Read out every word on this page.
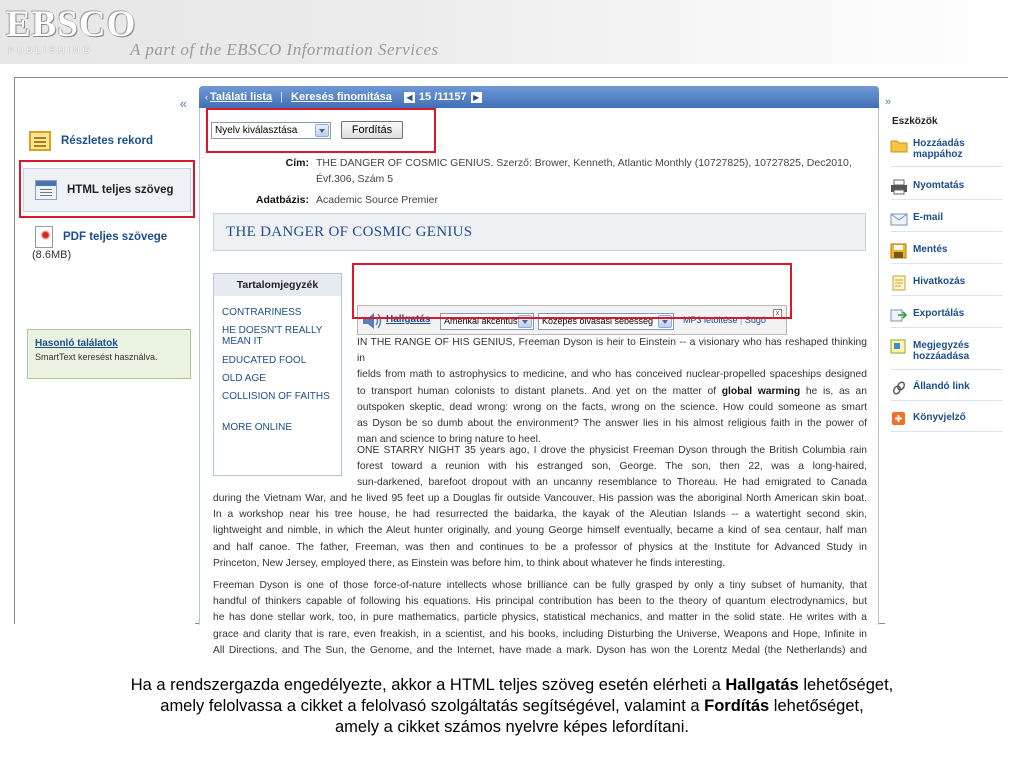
EBSCO
PUBLISHING A part of the EBSCO Information Services
«
Részletes rekord
HTML teljes szöveg
PDF teljes szövege
(8.6MB)
Hasonló találatok
SmartText keresést használva.
‹ Találati lista | Keresés finomítása	◀ 15 /11157 ▶
Nyelv kiválasztása	Fordítás
Cím: THE DANGER OF COSMIC GENIUS. Szerző: Brower, Kenneth, Atlantic Monthly (10727825), 10727825, Dec2010,
Évf.306, Szám 5
Adatbázis: Academic Source Premier
THE DANGER OF COSMIC GENIUS
Tartalomjegyzék
CONTRARINESS
HE DOESN'T REALLY MEAN IT
EDUCATED FOOL
OLD AGE
COLLISION OF FAITHS
MORE ONLINE
Hallgatás	Amerikai akcentus	Közepes olvasási sebesség	MP3 letöltése | Súgó
x
IN THE RANGE OF HIS GENIUS, Freeman Dyson is heir to Einstein -- a visionary who has reshaped thinking in
fields from math to astrophysics to medicine, and who has conceived nuclear-propelled spaceships designed
to transport human colonists to distant planets. And yet on the matter of global warming he is, as an
outspoken skeptic, dead wrong: wrong on the facts, wrong on the science. How could someone as smart
as Dyson be so dumb about the environment? The answer lies in his almost religious faith in the power of
man and science to bring nature to heel.
ONE STARRY NIGHT 35 years ago, I drove the physicist Freeman Dyson through the British Columbia rain
forest toward a reunion with his estranged son, George. The son, then 22, was a long-haired,
sun-darkened, barefoot dropout with an uncanny resemblance to Thoreau. He had emigrated to Canada
during the Vietnam War, and he lived 95 feet up a Douglas fir outside Vancouver. His passion was the aboriginal North American skin boat.
In a workshop near his tree house, he had resurrected the baidarka, the kayak of the Aleutian Islands -- a watertight second skin,
lightweight and nimble, in which the Aleut hunter originally, and young George himself eventually, became a kind of sea centaur, half man
and half canoe. The father, Freeman, was then and continues to be a professor of physics at the Institute for Advanced Study in
Princeton, New Jersey, employed there, as Einstein was before him, to think about whatever he finds interesting.
Freeman Dyson is one of those force-of-nature intellects whose brilliance can be fully grasped by only a tiny subset of humanity, that
handful of thinkers capable of following his equations. His principal contribution has been to the theory of quantum electrodynamics, but
he has done stellar work, too, in pure mathematics, particle physics, statistical mechanics, and matter in the solid state. He writes with a
grace and clarity that is rare, even freakish, in a scientist, and his books, including Disturbing the Universe, Weapons and Hope, Infinite in
All Directions, and The Sun, the Genome, and the Internet, have made a mark. Dyson has won the Lorentz Medal (the Netherlands) and
»
Eszközök
Hozzáadás
mappához
Nyomtatás
E-mail
Mentés
Hivatkozás
Exportálás
Megjegyzés
hozzáadása
Állandó link
Könyvjelző
Ha a rendszergazda engedélyezte, akkor a HTML teljes szöveg esetén elérheti a Hallgatás lehetőséget,
amely felolvassa a cikket a felolvasó szolgáltatás segítségével, valamint a Fordítás lehetőséget,
amely a cikket számos nyelvre képes lefordítani.
